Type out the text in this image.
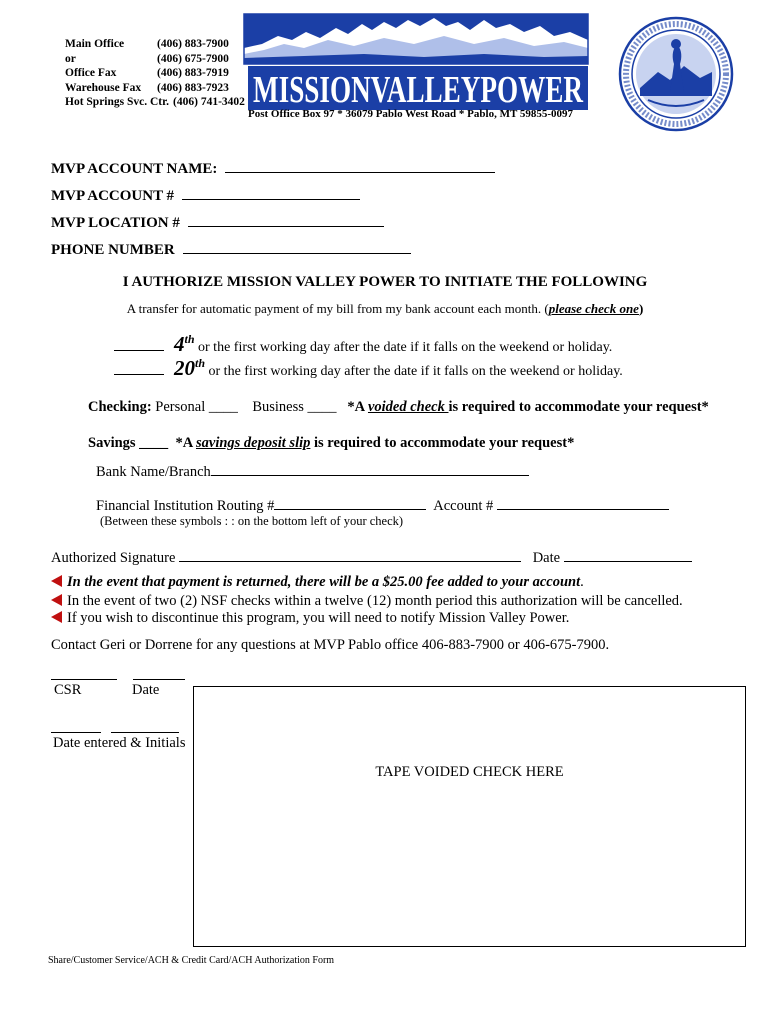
Main Office	(406) 883-7900
or	(406) 675-7900
Office Fax	(406) 883-7919
Warehouse Fax	(406) 883-7923
Hot Springs Svc. Ctr. (406) 741-3402 MISSIONVALLEYPOWER
Post Office Box 97 * 36079 Pablo West Road * Pablo, MT 59855-0097
MVP ACCOUNT NAME:
MVP ACCOUNT #
MVP LOCATION #
PHONE NUMBER
I AUTHORIZE MISSION VALLEY POWER TO INITIATE THE FOLLOWING
A transfer for automatic payment of my bill from my bank account each month. (please check one)
4th or the first working day after the date if it falls on the weekend or holiday.
20th or the first working day after the date if it falls on the weekend or holiday.
Checking: Personal ____ Business ____ *A voided check is required to accommodate your request*
Savings ____ *A savings deposit slip is required to accommodate your request*
Bank Name/Branch
Financial Institution Routing #	Account #
(Between these symbols : : on the bottom left of your check)
Authorized Signature	Date
In the event that payment is returned, there will be a $25.00 fee added to your account.
In the event of two (2) NSF checks within a twelve (12) month period this authorization will be cancelled.
If you wish to discontinue this program, you will need to notify Mission Valley Power.
Contact Geri or Dorrene for any questions at MVP Pablo office 406-883-7900 or 406-675-7900.
CSR	Date
Date entered & Initials
TAPE VOIDED CHECK HERE
Share/Customer Service/ACH & Credit Card/ACH Authorization Form
